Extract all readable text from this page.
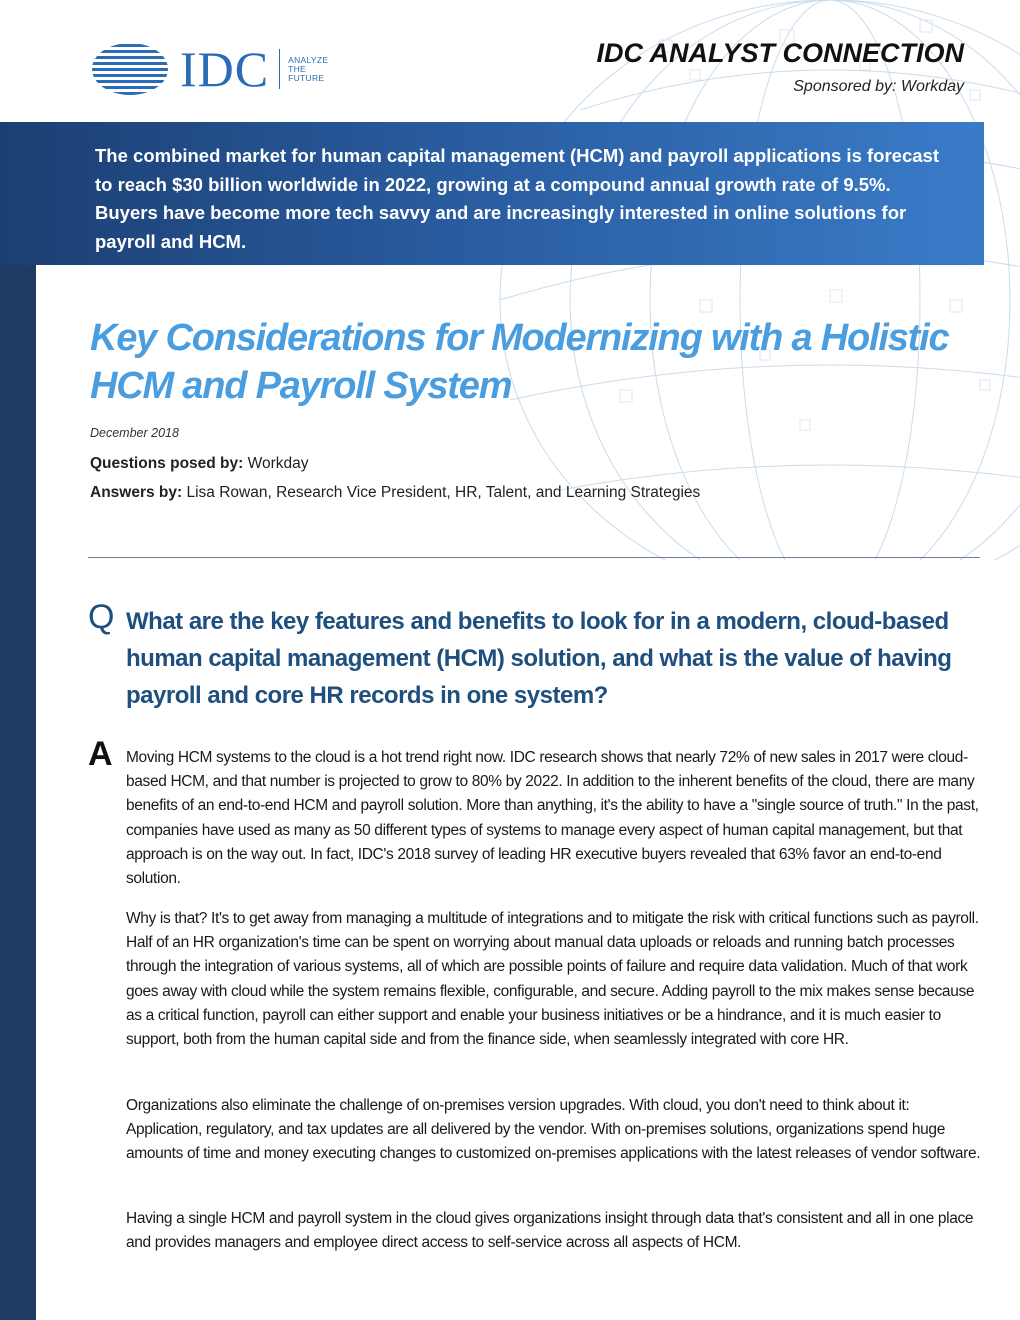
IDC ANALYZE
THE
FUTURE
IDC ANALYST CONNECTION
Sponsored by: Workday
The combined market for human capital management (HCM) and payroll applications is forecast to reach $30 billion worldwide in 2022, growing at a compound annual growth rate of 9.5%. Buyers have become more tech savvy and are increasingly interested in online solutions for payroll and HCM.
Key Considerations for Modernizing with a Holistic HCM and Payroll System
December 2018
Questions posed by: Workday
Answers by: Lisa Rowan, Research Vice President, HR, Talent, and Learning Strategies
Q What are the key features and benefits to look for in a modern, cloud-based human capital management (HCM) solution, and what is the value of having payroll and core HR records in one system?
A Moving HCM systems to the cloud is a hot trend right now. IDC research shows that nearly 72% of new sales in 2017 were cloud-based HCM, and that number is projected to grow to 80% by 2022. In addition to the inherent benefits of the cloud, there are many benefits of an end-to-end HCM and payroll solution. More than anything, it's the ability to have a "single source of truth." In the past, companies have used as many as 50 different types of systems to manage every aspect of human capital management, but that approach is on the way out. In fact, IDC's 2018 survey of leading HR executive buyers revealed that 63% favor an end-to-end solution.
Why is that? It's to get away from managing a multitude of integrations and to mitigate the risk with critical functions such as payroll. Half of an HR organization's time can be spent on worrying about manual data uploads or reloads and running batch processes through the integration of various systems, all of which are possible points of failure and require data validation. Much of that work goes away with cloud while the system remains flexible, configurable, and secure. Adding payroll to the mix makes sense because as a critical function, payroll can either support and enable your business initiatives or be a hindrance, and it is much easier to support, both from the human capital side and from the finance side, when seamlessly integrated with core HR.
Organizations also eliminate the challenge of on-premises version upgrades. With cloud, you don't need to think about it: Application, regulatory, and tax updates are all delivered by the vendor. With on-premises solutions, organizations spend huge amounts of time and money executing changes to customized on-premises applications with the latest releases of vendor software.
Having a single HCM and payroll system in the cloud gives organizations insight through data that's consistent and all in one place and provides managers and employee direct access to self-service across all aspects of HCM.
